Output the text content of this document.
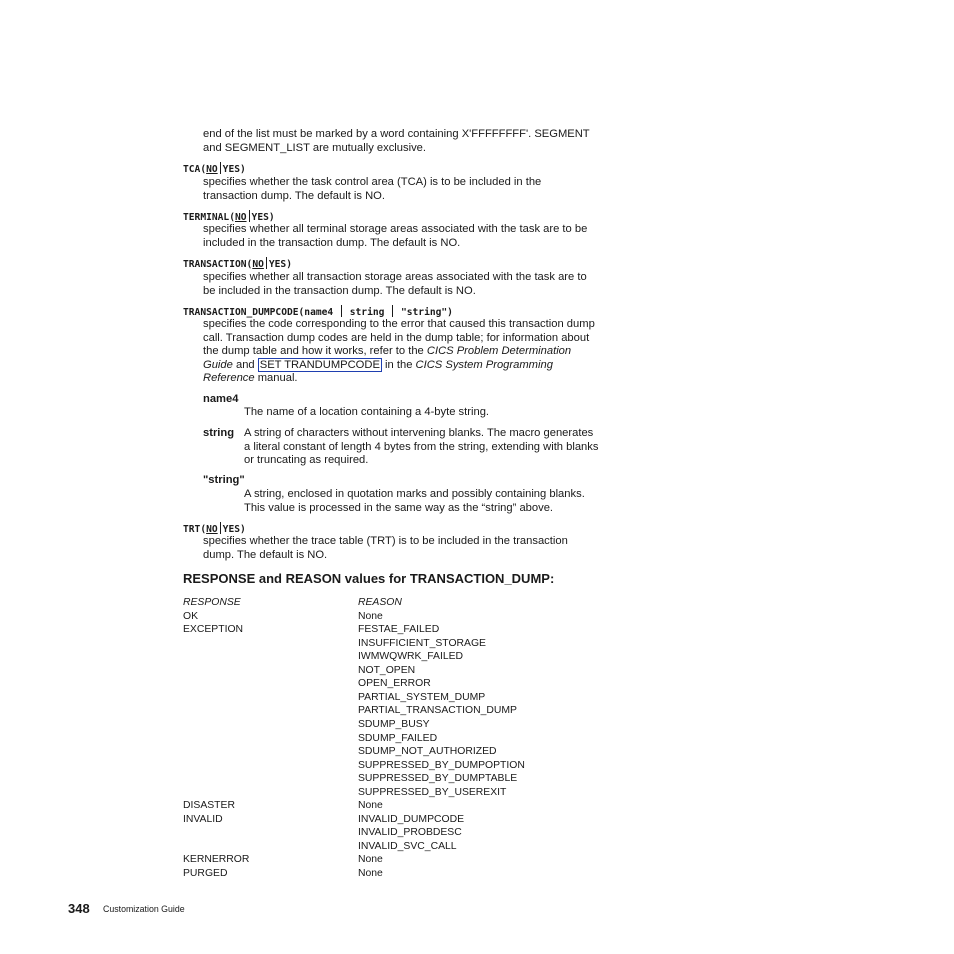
end of the list must be marked by a word containing X'FFFFFFFF'. SEGMENT
and SEGMENT_LIST are mutually exclusive.
TCA(NO YES)
specifies whether the task control area (TCA) is to be included in the
transaction dump. The default is NO.
TERMINAL(NO YES)
specifies whether all terminal storage areas associated with the task are to be
included in the transaction dump. The default is NO.
TRANSACTION(NO YES)
specifies whether all transaction storage areas associated with the task are to
be included in the transaction dump. The default is NO.
TRANSACTION_DUMPCODE(name4 string "string")
specifies the code corresponding to the error that caused this transaction dump
call. Transaction dump codes are held in the dump table; for information about
the dump table and how it works, refer to the CICS Problem Determination
Guide and SET TRANDUMPCODE in the CICS System Programming
Reference manual.
name4
The name of a location containing a 4-byte string.
string A string of characters without intervening blanks. The macro generates
a literal constant of length 4 bytes from the string, extending with blanks
or truncating as required.
"string"
A string, enclosed in quotation marks and possibly containing blanks.
This value is processed in the same way as the “string” above.
TRT(NO YES)
specifies whether the trace table (TRT) is to be included in the transaction
dump. The default is NO.
RESPONSE and REASON values for TRANSACTION_DUMP:
RESPONSE	REASON
OK	None
EXCEPTION	FESTAE_FAILED
INSUFFICIENT_STORAGE
IWMWQWRK_FAILED
NOT_OPEN
OPEN_ERROR
PARTIAL_SYSTEM_DUMP
PARTIAL_TRANSACTION_DUMP
SDUMP_BUSY
SDUMP_FAILED
SDUMP_NOT_AUTHORIZED
SUPPRESSED_BY_DUMPOPTION
SUPPRESSED_BY_DUMPTABLE
SUPPRESSED_BY_USEREXIT
DISASTER	None
INVALID	INVALID_DUMPCODE
INVALID_PROBDESC
INVALID_SVC_CALL
KERNERROR	None
PURGED	None
348 Customization Guide
